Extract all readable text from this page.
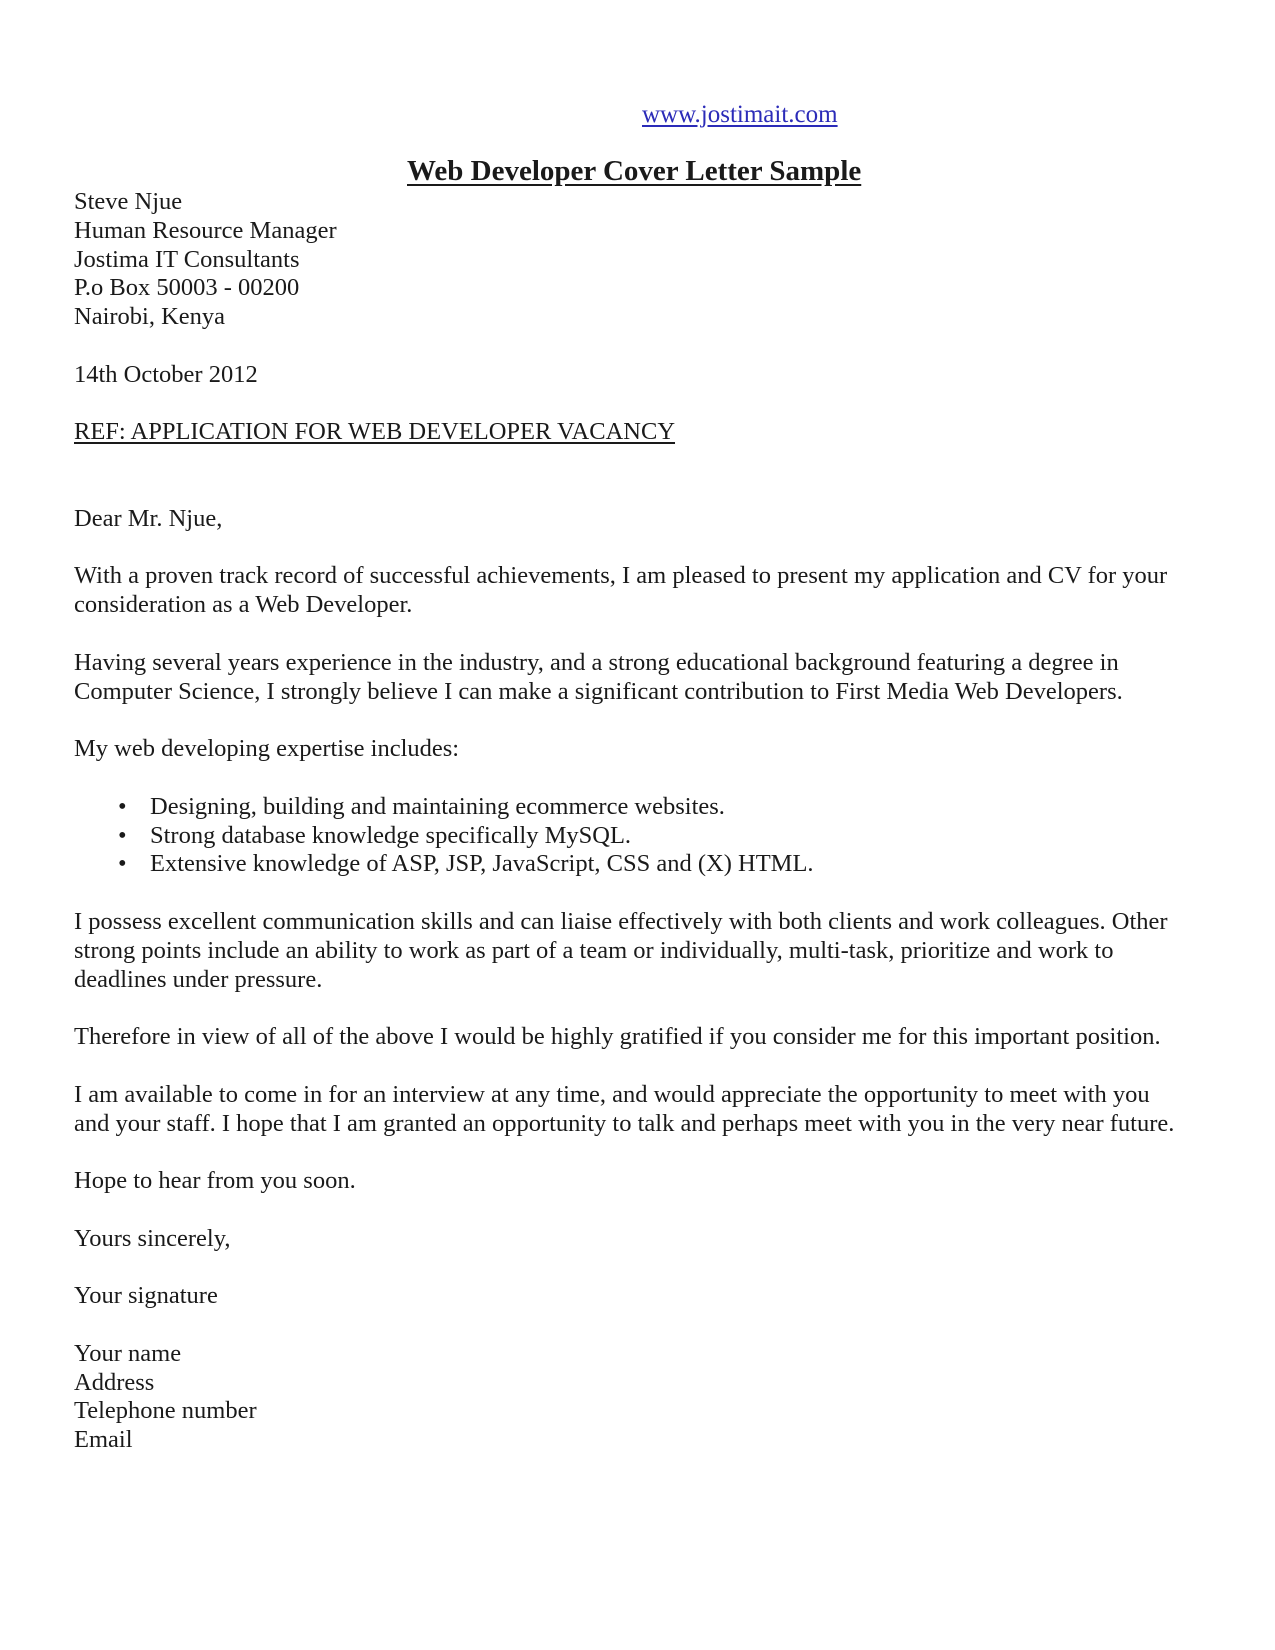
www.jostimait.com
Web Developer Cover Letter Sample
Steve Njue
Human Resource Manager
Jostima IT Consultants
P.o Box 50003 - 00200
Nairobi, Kenya
14th October 2012
REF: APPLICATION FOR WEB DEVELOPER VACANCY
Dear Mr. Njue,
With a proven track record of successful achievements, I am pleased to present my application and CV for your
consideration as a Web Developer.
Having several years experience in the industry, and a strong educational background featuring a degree in
Computer Science, I strongly believe I can make a significant contribution to First Media Web Developers.
My web developing expertise includes:
• Designing, building and maintaining ecommerce websites.
• Strong database knowledge specifically MySQL.
• Extensive knowledge of ASP, JSP, JavaScript, CSS and (X) HTML.
I possess excellent communication skills and can liaise effectively with both clients and work colleagues. Other
strong points include an ability to work as part of a team or individually, multi-task, prioritize and work to
deadlines under pressure.
Therefore in view of all of the above I would be highly gratified if you consider me for this important position.
I am available to come in for an interview at any time, and would appreciate the opportunity to meet with you
and your staff. I hope that I am granted an opportunity to talk and perhaps meet with you in the very near future.
Hope to hear from you soon.
Yours sincerely,
Your signature
Your name
Address
Telephone number
Email
